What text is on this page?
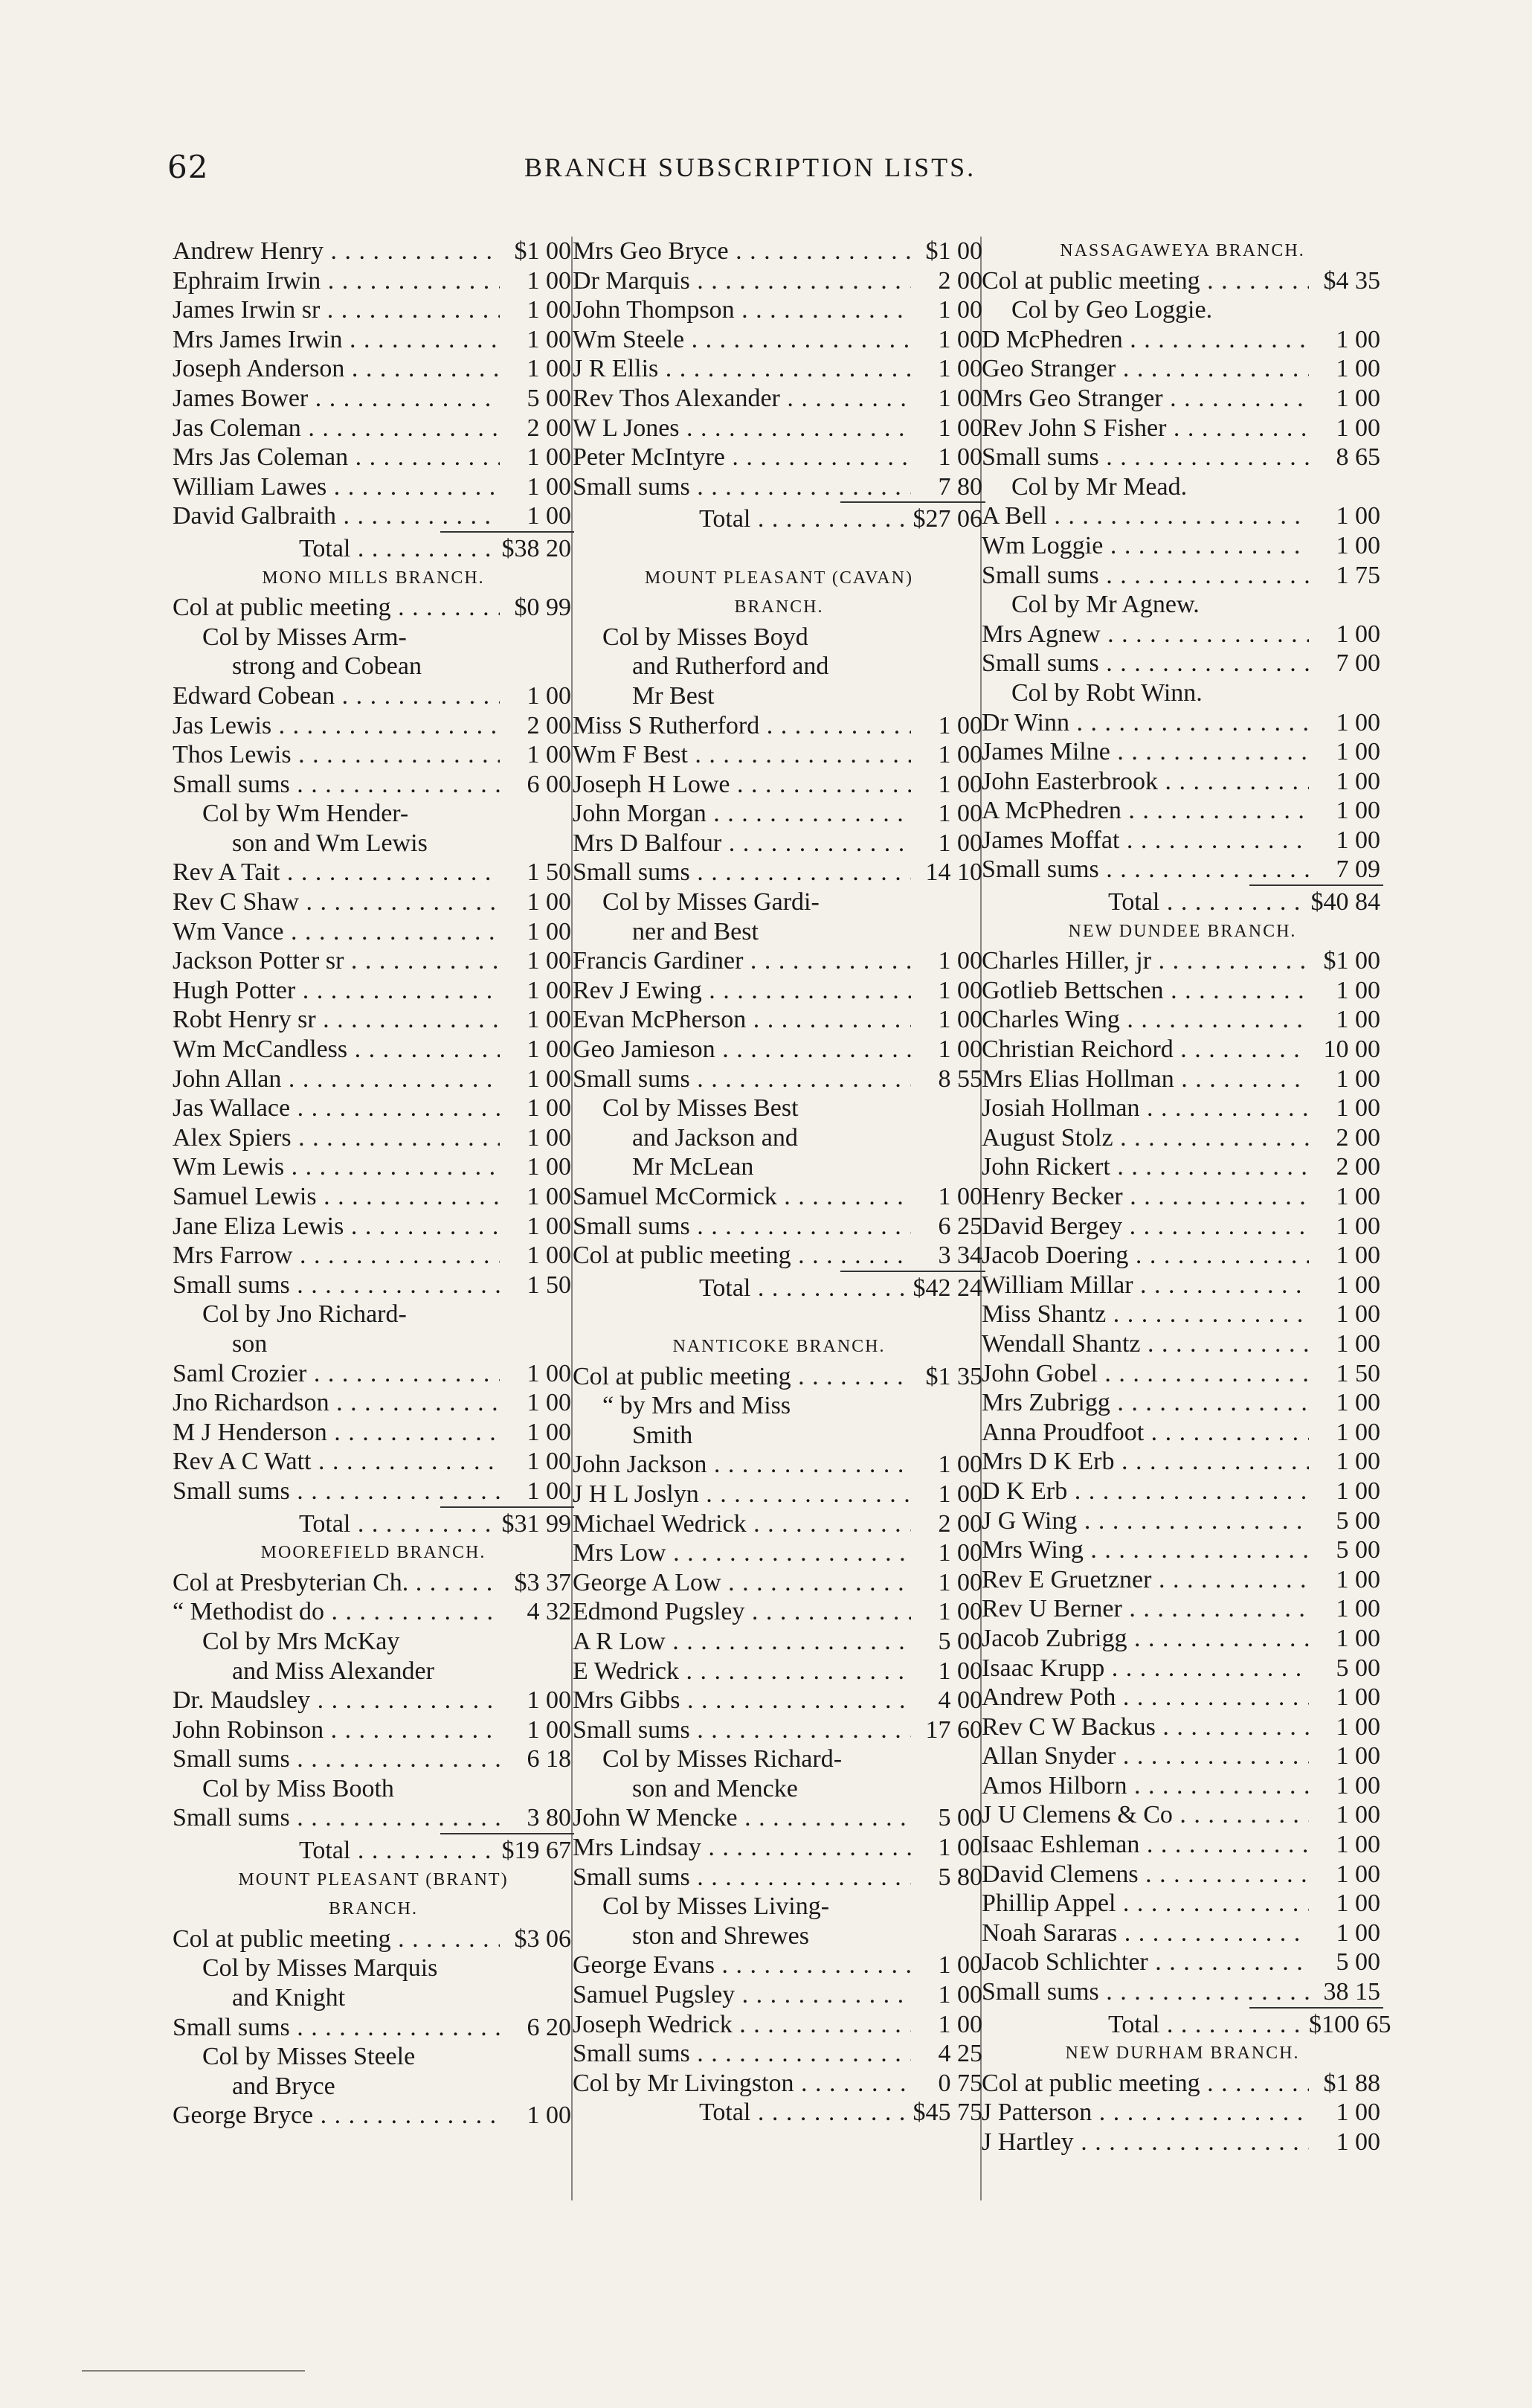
62	BRANCH SUBSCRIPTION LISTS.
Andrew Henry . . .	$1 00
Ephraim Irwin . . .	1 00
James Irwin sr . . .	1 00
Mrs James Irwin . . .	1 00
Joseph Anderson . . .	1 00
James Bower . . .	5 00
Jas Coleman . . .	2 00
Mrs Jas Coleman . . .	1 00
William Lawes . . .	1 00
David Galbraith . . .	1 00
Total . . .	$38 20
MONO MILLS BRANCH.
Col at public meeting . . .	$0 99
Col by Misses Arm-
strong and Cobean
Edward Cobean . . .	1 00
Jas Lewis . . .	2 00
Thos Lewis . . .	1 00
Small sums . . .	6 00
Col by Wm Hender-
son and Wm Lewis
Rev A Tait . . .	1 50
Rev C Shaw . . .	1 00
Wm Vance . . .	1 00
Jackson Potter sr . . .	1 00
Hugh Potter . . .	1 00
Robt Henry sr . . .	1 00
Wm McCandless . . .	1 00
John Allan . . .	1 00
Jas Wallace . . .	1 00
Alex Spiers . . .	1 00
Wm Lewis . . .	1 00
Samuel Lewis . . .	1 00
Jane Eliza Lewis . . .	1 00
Mrs Farrow . . .	1 00
Small sums . . .	1 50
Col by Jno Richard-
son
Saml Crozier . . .	1 00
Jno Richardson . . .	1 00
M J Henderson . . .	1 00
Rev A C Watt . . .	1 00
Small sums . . .	1 00
Total . . .	$31 99
MOOREFIELD BRANCH.
Col at Presbyterian Ch. . . .	$3 37
“ Methodist do . . .	4 32
Col by Mrs McKay
and Miss Alexander
Dr. Maudsley . . .	1 00
John Robinson . . .	1 00
Small sums . . .	6 18
Col by Miss Booth
Small sums . . .	3 80
Total . . .	$19 67
MOUNT PLEASANT (BRANT)
BRANCH.
Col at public meeting . . .	$3 06
Col by Misses Marquis
and Knight
Small sums . . .	6 20
Col by Misses Steele
and Bryce
George Bryce . . .	1 00
Mrs Geo Bryce . . .	$1 00
Dr Marquis . . .	2 00
John Thompson . . .	1 00
Wm Steele . . .	1 00
J R Ellis . . .	1 00
Rev Thos Alexander . . .	1 00
W L Jones . . .	1 00
Peter McIntyre . . .	1 00
Small sums . . .	7 80
Total . . .	$27 06
MOUNT PLEASANT (CAVAN)
BRANCH.
Col by Misses Boyd
and Rutherford and
Mr Best
Miss S Rutherford . . .	1 00
Wm F Best . . .	1 00
Joseph H Lowe . . .	1 00
John Morgan . . .	1 00
Mrs D Balfour . . .	1 00
Small sums . . .	14 10
Col by Misses Gardi-
ner and Best
Francis Gardiner . . .	1 00
Rev J Ewing . . .	1 00
Evan McPherson . . .	1 00
Geo Jamieson . . .	1 00
Small sums . . .	8 55
Col by Misses Best
and Jackson and
Mr McLean
Samuel McCormick . . .	1 00
Small sums . . .	6 25
Col at public meeting . . .	3 34
Total . . .	$42 24
NANTICOKE BRANCH.
Col at public meeting . . .	$1 35
“ by Mrs and Miss
Smith
John Jackson . . .	1 00
J H L Joslyn . . .	1 00
Michael Wedrick . . .	2 00
Mrs Low . . .	1 00
George A Low . . .	1 00
Edmond Pugsley . . .	1 00
A R Low . . .	5 00
E Wedrick . . .	1 00
Mrs Gibbs . . .	4 00
Small sums . . .	17 60
Col by Misses Richard-
son and Mencke
John W Mencke . . .	5 00
Mrs Lindsay . . .	1 00
Small sums . . .	5 80
Col by Misses Living-
ston and Shrewes
George Evans . . .	1 00
Samuel Pugsley . . .	1 00
Joseph Wedrick . . .	1 00
Small sums . . .	4 25
Col by Mr Livingston . . .	0 75
Total . . .	$45 75
NASSAGAWEYA BRANCH.
Col at public meeting . . .	$4 35
Col by Geo Loggie.
D McPhedren . . .	1 00
Geo Stranger . . .	1 00
Mrs Geo Stranger . . .	1 00
Rev John S Fisher . . .	1 00
Small sums . . .	8 65
Col by Mr Mead.
A Bell . . .	1 00
Wm Loggie . . .	1 00
Small sums . . .	1 75
Col by Mr Agnew.
Mrs Agnew . . .	1 00
Small sums . . .	7 00
Col by Robt Winn.
Dr Winn . . .	1 00
James Milne . . .	1 00
John Easterbrook . . .	1 00
A McPhedren . . .	1 00
James Moffat . . .	1 00
Small sums . . .	7 09
Total . . .	$40 84
NEW DUNDEE BRANCH.
Charles Hiller, jr . . .	$1 00
Gotlieb Bettschen . . .	1 00
Charles Wing . . .	1 00
Christian Reichord . . .	10 00
Mrs Elias Hollman . . .	1 00
Josiah Hollman . . .	1 00
August Stolz . . .	2 00
John Rickert . . .	2 00
Henry Becker . . .	1 00
David Bergey . . .	1 00
Jacob Doering . . .	1 00
William Millar . . .	1 00
Miss Shantz . . .	1 00
Wendall Shantz . . .	1 00
John Gobel . . .	1 50
Mrs Zubrigg . . .	1 00
Anna Proudfoot . . .	1 00
Mrs D K Erb . . .	1 00
D K Erb . . .	1 00
J G Wing . . .	5 00
Mrs Wing . . .	5 00
Rev E Gruetzner . . .	1 00
Rev U Berner . . .	1 00
Jacob Zubrigg . . .	1 00
Isaac Krupp . . .	5 00
Andrew Poth . . .	1 00
Rev C W Backus . . .	1 00
Allan Snyder . . .	1 00
Amos Hilborn . . .	1 00
J U Clemens & Co . . .	1 00
Isaac Eshleman . . .	1 00
David Clemens . . .	1 00
Phillip Appel . . .	1 00
Noah Sararas . . .	1 00
Jacob Schlichter . . .	5 00
Small sums . . .	38 15
Total . . .	$100 65
NEW DURHAM BRANCH.
Col at public meeting . . .	$1 88
J Patterson . . .	1 00
J Hartley . . .	1 00
